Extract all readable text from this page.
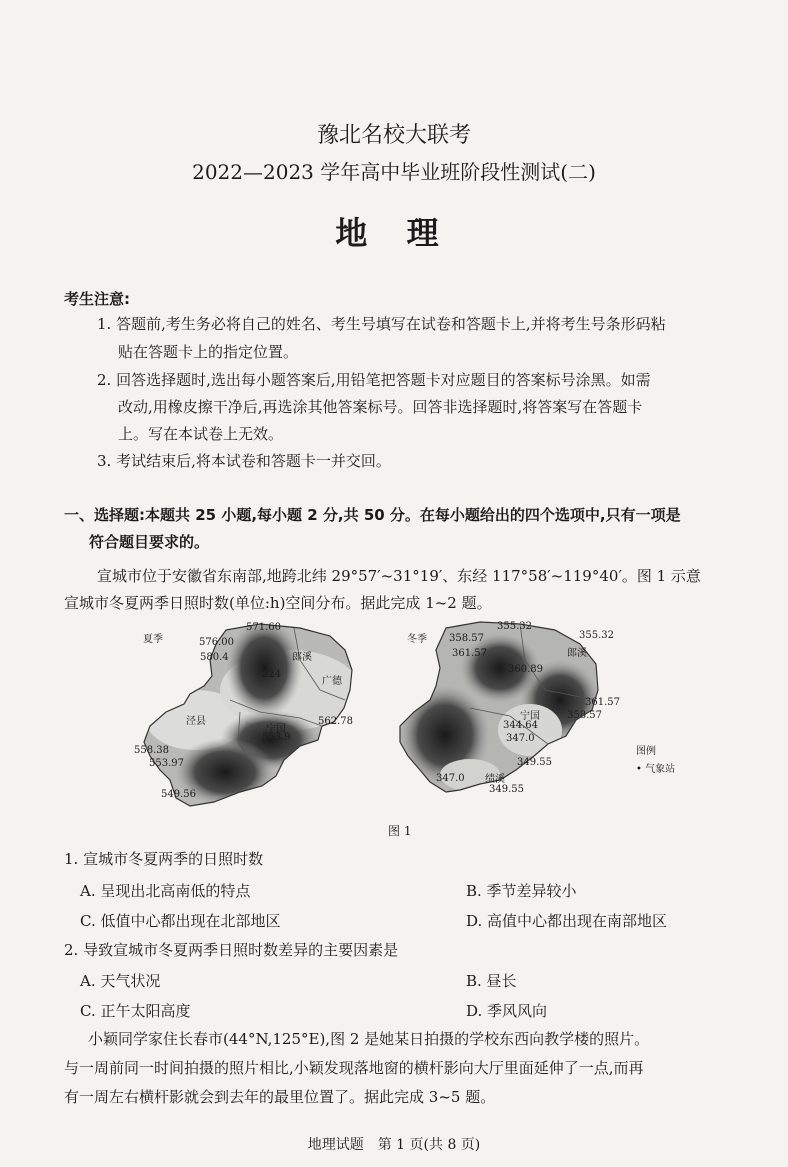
豫北名校大联考
2022—2023 学年高中毕业班阶段性测试(二)
地 理
考生注意:
1. 答题前,考生务必将自己的姓名、考生号填写在试卷和答题卡上,并将考生号条形码粘
贴在答题卡上的指定位置。
2. 回答选择题时,选出每小题答案后,用铅笔把答题卡对应题目的答案标号涂黑。如需
改动,用橡皮擦干净后,再选涂其他答案标号。回答非选择题时,将答案写在答题卡
上。写在本试卷上无效。
3. 考试结束后,将本试卷和答题卡一并交回。
一、选择题:本题共 25 小题,每小题 2 分,共 50 分。在每小题给出的四个选项中,只有一项是
符合题目要求的。
宣城市位于安徽省东南部,地跨北纬 29°57′~31°19′、东经 117°58′~119°40′。图 1 示意
宣城市冬夏两季日照时数(单位:h)空间分布。据此完成 1~2 题。
夏季
571.60
576.00
580.4
224
562.78
553.9
558.38
553.97
549.56
郎溪
广德
泾县
宁国
冬季 358.57
355.32
355.32
361.57
360.89
361.57
358.57
344.64
347.0
347.0
349.55
349.55
郎溪
宁国
绩溪
图例
• 气象站
图 1
1. 宣城市冬夏两季的日照时数
A. 呈现出北高南低的特点	B. 季节差异较小
C. 低值中心都出现在北部地区	D. 高值中心都出现在南部地区
2. 导致宣城市冬夏两季日照时数差异的主要因素是
A. 天气状况	B. 昼长
C. 正午太阳高度	D. 季风风向
小颖同学家住长春市(44°N,125°E),图 2 是她某日拍摄的学校东西向教学楼的照片。
与一周前同一时间拍摄的照片相比,小颖发现落地窗的横杆影向大厅里面延伸了一点,而再
有一周左右横杆影就会到去年的最里位置了。据此完成 3~5 题。
地理试题　第 1 页(共 8 页)
